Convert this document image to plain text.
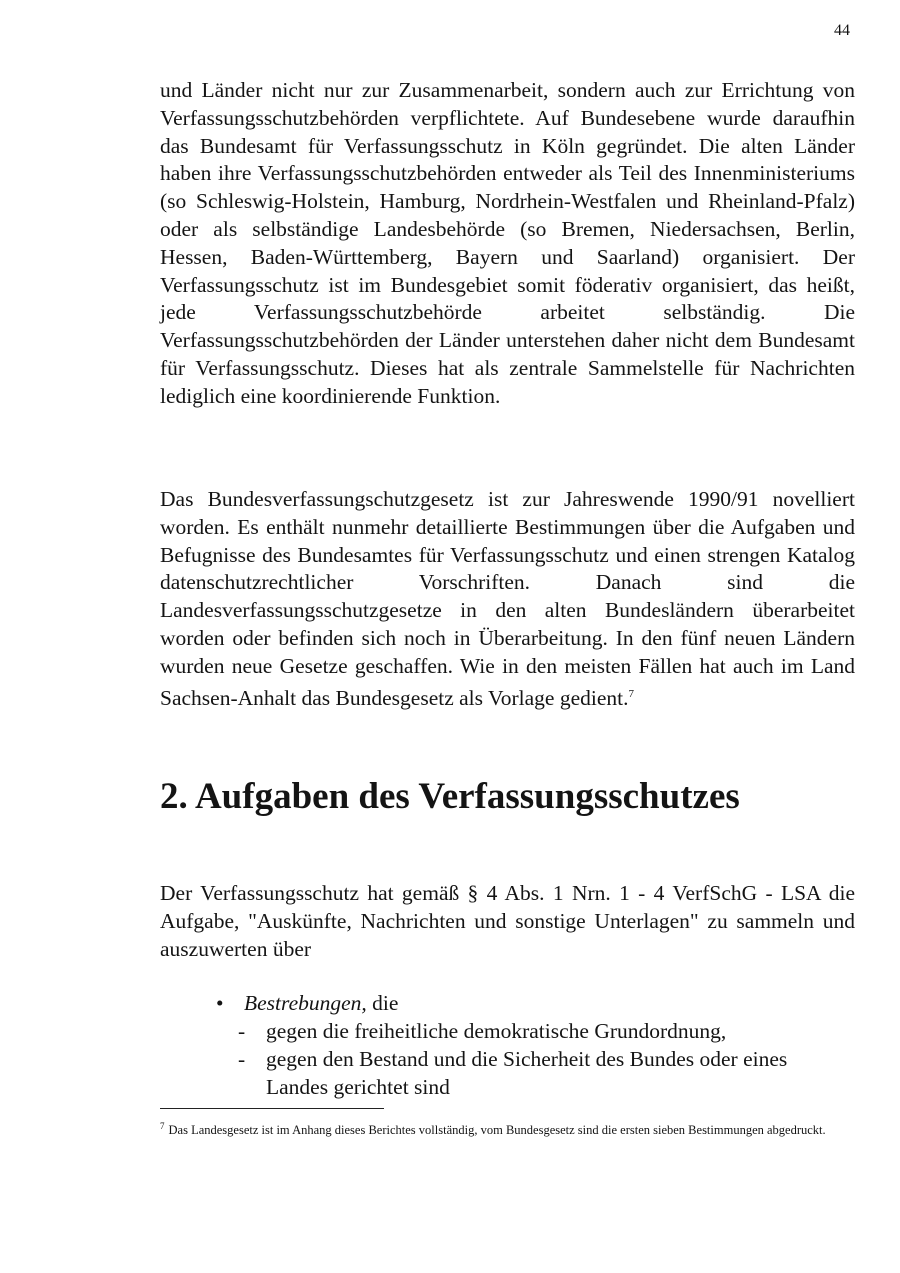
44

und Länder nicht nur zur Zusammenarbeit, sondern auch zur Errichtung von Verfassungsschutzbehörden verpflichtete. Auf Bundesebene wurde daraufhin das Bundesamt für Verfassungsschutz in Köln gegründet. Die alten Länder haben ihre Verfassungsschutzbehörden entweder als Teil des Innenministeriums (so Schleswig-Holstein, Hamburg, Nordrhein-Westfalen und Rheinland-Pfalz) oder als selbständige Landesbehörde (so Bremen, Niedersachsen, Berlin, Hessen, Baden-Württemberg, Bayern und Saarland) organisiert. Der Verfassungsschutz ist im Bundesgebiet somit föderativ organisiert, das heißt, jede Verfassungsschutzbehörde arbeitet selbständig. Die Verfassungsschutzbehörden der Länder unterstehen daher nicht dem Bundesamt für Verfassungsschutz. Dieses hat als zentrale Sammelstelle für Nachrichten lediglich eine koordinierende Funktion.

Das Bundesverfassungschutzgesetz ist zur Jahreswende 1990/91 novelliert worden. Es enthält nunmehr detaillierte Bestimmungen über die Aufgaben und Befugnisse des Bundesamtes für Verfassungsschutz und einen strengen Katalog datenschutzrechtlicher Vorschriften. Danach sind die Landesverfassungsschutzgesetze in den alten Bundesländern überarbeitet worden oder befinden sich noch in Überarbeitung. In den fünf neuen Ländern wurden neue Gesetze geschaffen. Wie in den meisten Fällen hat auch im Land Sachsen-Anhalt das Bundesgesetz als Vorlage gedient.$^7$

2. Aufgaben des Verfassungsschutzes

Der Verfassungsschutz hat gemäß § 4 Abs. 1 Nrn. 1 - 4 VerfSchG - LSA die Aufgabe, "Auskünfte, Nachrichten und sonstige Unterlagen" zu sammeln und auszuwerten über

• Bestrebungen, die
- gegen die freiheitliche demokratische Grundordnung,
- gegen den Bestand und die Sicherheit des Bundes oder eines Landes gerichtet sind
$^7$ Das Landesgesetz ist im Anhang dieses Berichtes vollständig, vom Bundesgesetz sind die ersten sieben Bestimmungen abgedruckt.
